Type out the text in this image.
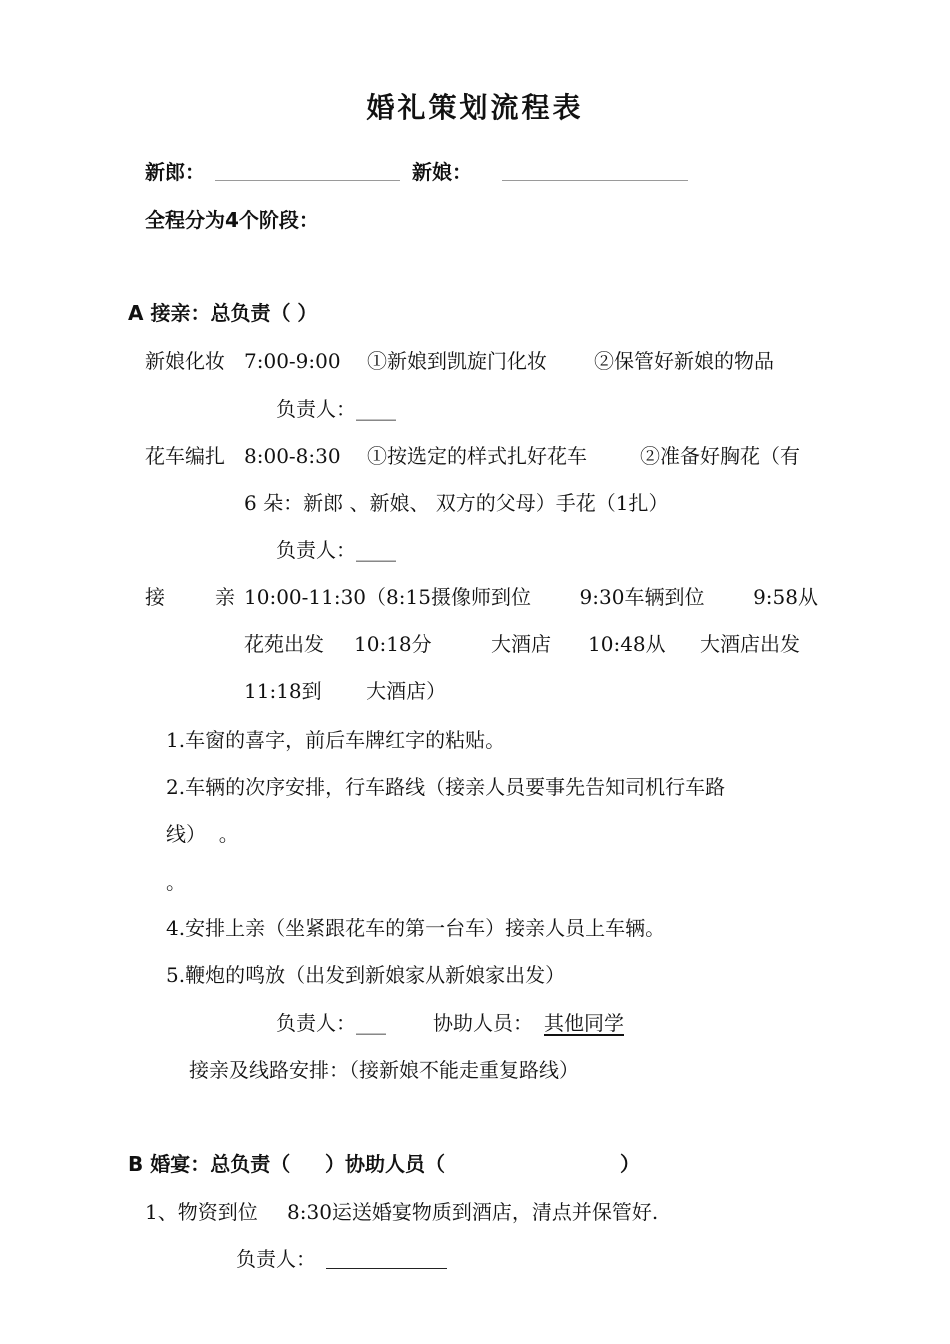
婚礼策划流程表
新郎：	新娘：
全程分为4个阶段：
A 接亲：总负责（ ）
新娘化妆 7:00-9:00 ①新娘到凯旋门化妆 ②保管好新娘的物品
负责人：____
花车编扎 8:00-8:30 ①按选定的样式扎好花车	②准备好胸花（有
6 朵：新郎 、新娘、 双方的父母）手花（1扎）
负责人：____
接	亲 10:00-11:30（8:15摄像师到位 9:30车辆到位 9:58从
花苑出发 10:18分	大酒店 10:48从 大酒店出发
11:18到       大酒店）
1.车窗的喜字，前后车牌红字的粘贴。
2.车辆的次序安排，行车路线（接亲人员要事先告知司机行车路
线）  。
。
4.安排上亲（坐紧跟花车的第一台车）接亲人员上车辆。
5.鞭炮的鸣放（出发到新娘家从新娘家出发）
负责人：___ 协助人员： 其他同学
接亲及线路安排：（接新娘不能走重复路线）
B 婚宴：总负责（     ）协助人员（	）
1、物资到位 8:30运送婚宴物质到酒店，清点并保管好.
负责人：
